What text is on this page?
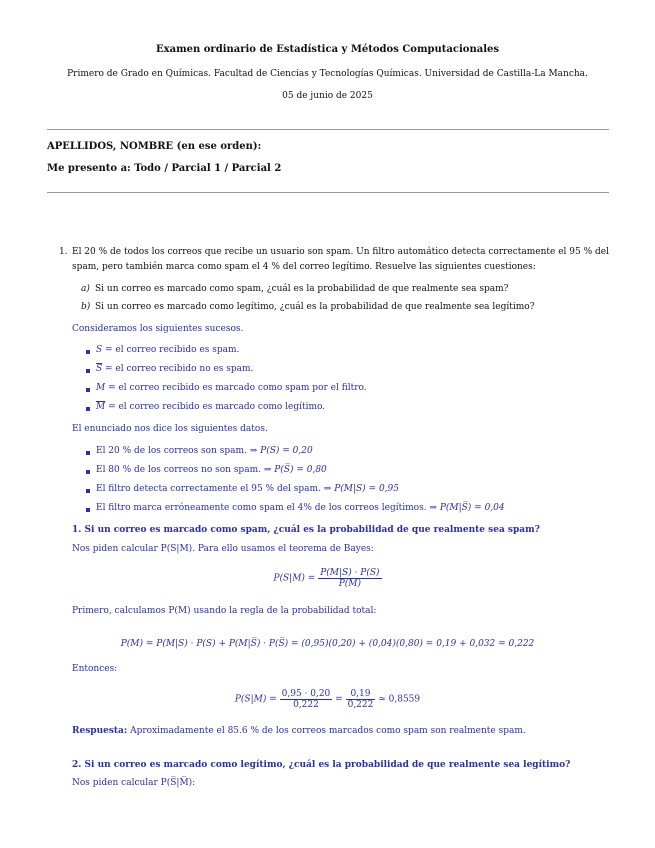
Examen ordinario de Estadística y Métodos Computacionales
Primero de Grado en Químicas. Facultad de Ciencias y Tecnologías Químicas. Universidad de Castilla-La Mancha.
05 de junio de 2025
APELLIDOS, NOMBRE (en ese orden):
Me presento a: Todo / Parcial 1 / Parcial 2
1. El 20 % de todos los correos que recibe un usuario son spam. Un filtro automático detecta correctamente el 95 % del
spam, pero también marca como spam el 4 % del correo legítimo. Resuelve las siguientes cuestiones:
a) Si un correo es marcado como spam, ¿cuál es la probabilidad de que realmente sea spam?
b) Si un correo es marcado como legítimo, ¿cuál es la probabilidad de que realmente sea legítimo?
Consideramos los siguientes sucesos.
S = el correo recibido es spam.
$\overline{S}$ = el correo recibido no es spam.
M = el correo recibido es marcado como spam por el filtro.
$\overline{M}$ = el correo recibido es marcado como legítimo.
El enunciado nos dice los siguientes datos.
El 20 % de los correos son spam. ⇒ P(S) = 0,20
El 80 % de los correos no son spam. ⇒ P(S̅) = 0,80
El filtro detecta correctamente el 95 % del spam. ⇒ P(M|S) = 0,95
El filtro marca erróneamente como spam el 4% de los correos legítimos. ⇒ P(M|S̅) = 0,04
1. Si un correo es marcado como spam, ¿cuál es la probabilidad de que realmente sea spam?
Nos piden calcular P(S|M). Para ello usamos el teorema de Bayes:
$P(S|M) = \frac{P(M|S) \cdot P(S)}{P(M)}$
Primero, calculamos P(M) usando la regla de la probabilidad total:
P(M) = P(M|S) · P(S) + P(M|S̅) · P(S̅) = (0,95)(0,20) + (0,04)(0,80) = 0,19 + 0,032 = 0,222
Entonces:
$P(S|M) = \frac{0,95 \cdot 0,20}{0,222} = \frac{0,19}{0,222} \approx 0,8559$
Respuesta: Aproximadamente el 85.6 % de los correos marcados como spam son realmente spam.
2. Si un correo es marcado como legítimo, ¿cuál es la probabilidad de que realmente sea legítimo?
Nos piden calcular P(S̅|M̅):
